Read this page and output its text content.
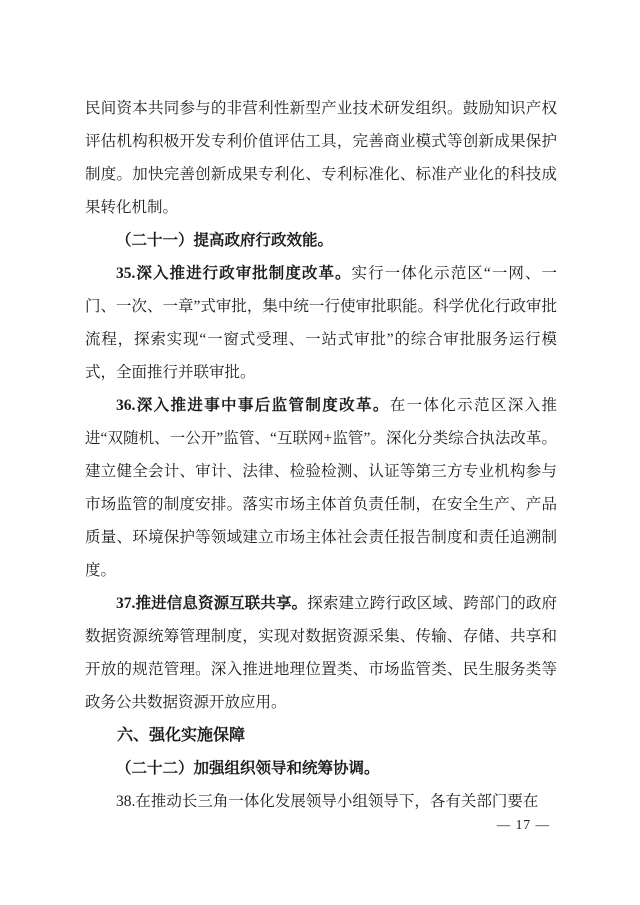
民间资本共同参与的非营利性新型产业技术研发组织。鼓励知识产权评估机构积极开发专利价值评估工具，完善商业模式等创新成果保护制度。加快完善创新成果专利化、专利标准化、标准产业化的科技成果转化机制。

（二十一）提高政府行政效能。

35.深入推进行政审批制度改革。实行一体化示范区“一网、一门、一次、一章”式审批，集中统一行使审批职能。科学优化行政审批流程，探索实现“一窗式受理、一站式审批”的综合审批服务运行模式，全面推行并联审批。

36.深入推进事中事后监管制度改革。在一体化示范区深入推进“双随机、一公开”监管、“互联网+监管”。深化分类综合执法改革。建立健全会计、审计、法律、检验检测、认证等第三方专业机构参与市场监管的制度安排。落实市场主体首负责任制，在安全生产、产品质量、环境保护等领域建立市场主体社会责任报告制度和责任追溯制度。

37.推进信息资源互联共享。探索建立跨行政区域、跨部门的政府数据资源统筹管理制度，实现对数据资源采集、传输、存储、共享和开放的规范管理。深入推进地理位置类、市场监管类、民生服务类等政务公共数据资源开放应用。

六、强化实施保障

（二十二）加强组织领导和统筹协调。

38.在推动长三角一体化发展领导小组领导下，各有关部门要在

— 17 —
